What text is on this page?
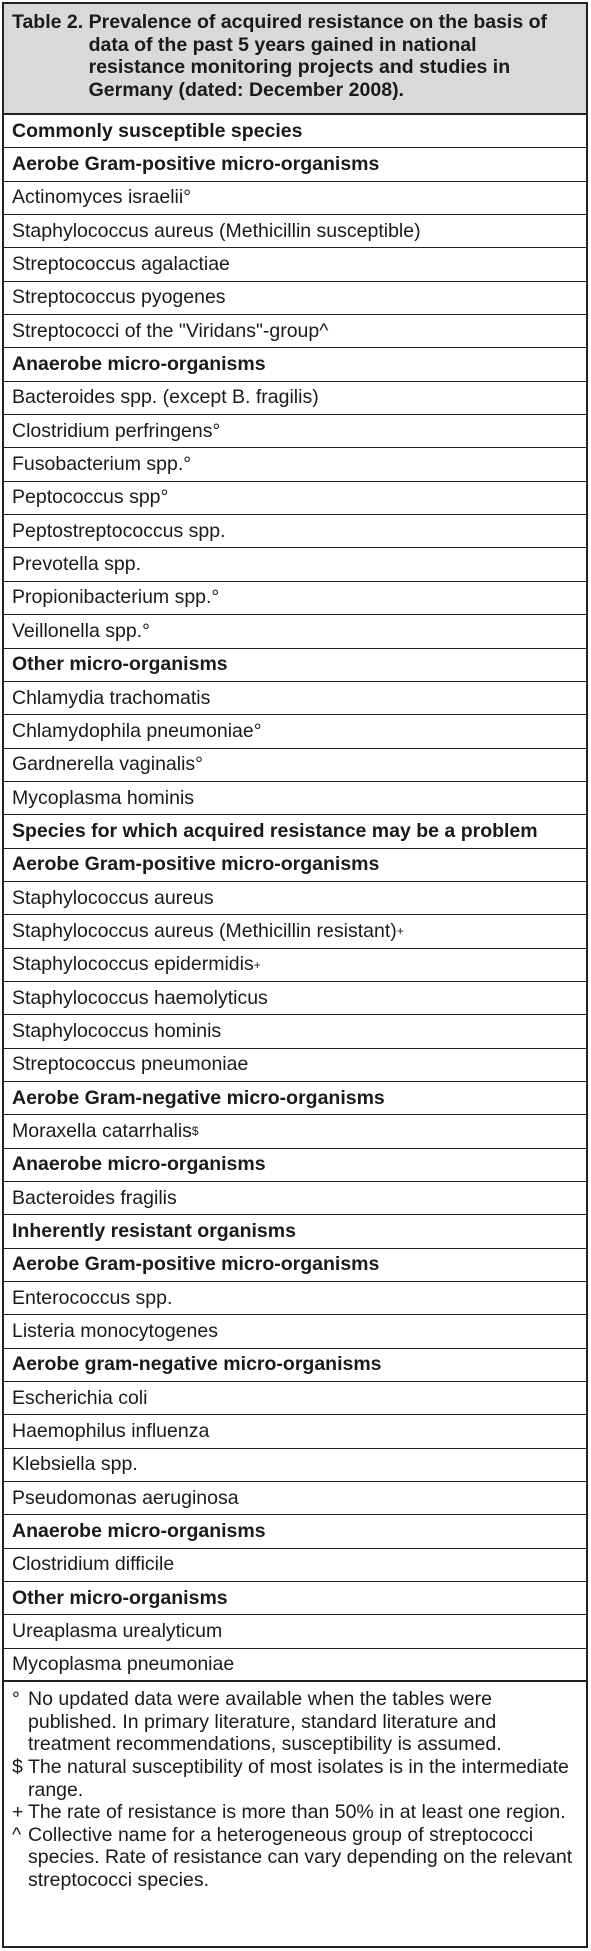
Table 2.
Prevalence of acquired resistance on the basis of data of the past 5 years gained in national resistance monitoring projects and studies in Germany (dated: December 2008).
Commonly susceptible species
Aerobe Gram-positive micro-organisms
Actinomyces israelii°
Staphylococcus aureus (Methicillin susceptible)
Streptococcus agalactiae
Streptococcus pyogenes
Streptococci of the "Viridans"-group^
Anaerobe micro-organisms
Bacteroides spp. (except B. fragilis)
Clostridium perfringens°
Fusobacterium spp.°
Peptococcus spp°
Peptostreptococcus spp.
Prevotella spp.
Propionibacterium spp.°
Veillonella spp.°
Other micro-organisms
Chlamydia trachomatis
Chlamydophila pneumoniae°
Gardnerella vaginalis°
Mycoplasma hominis
Species for which acquired resistance may be a problem
Aerobe Gram-positive micro-organisms
Staphylococcus aureus
Staphylococcus aureus (Methicillin resistant) +
Staphylococcus epidermidis +
Staphylococcus haemolyticus
Staphylococcus hominis
Streptococcus pneumoniae
Aerobe Gram-negative micro-organisms
Moraxella catarrhalis $
Anaerobe micro-organisms
Bacteroides fragilis
Inherently resistant organisms
Aerobe Gram-positive micro-organisms
Enterococcus spp.
Listeria monocytogenes
Aerobe gram-negative micro-organisms
Escherichia coli
Haemophilus influenza
Klebsiella spp.
Pseudomonas aeruginosa
Anaerobe micro-organisms
Clostridium difficile
Other micro-organisms
Ureaplasma urealyticum
Mycoplasma pneumoniae
° No updated data were available when the tables were published. In primary literature, standard literature and treatment recommendations, susceptibility is assumed.
$ The natural susceptibility of most isolates is in the intermediate range.
+ The rate of resistance is more than 50% in at least one region.
^ Collective name for a heterogeneous group of streptococci species. Rate of resistance can vary depending on the relevant streptococci species.
